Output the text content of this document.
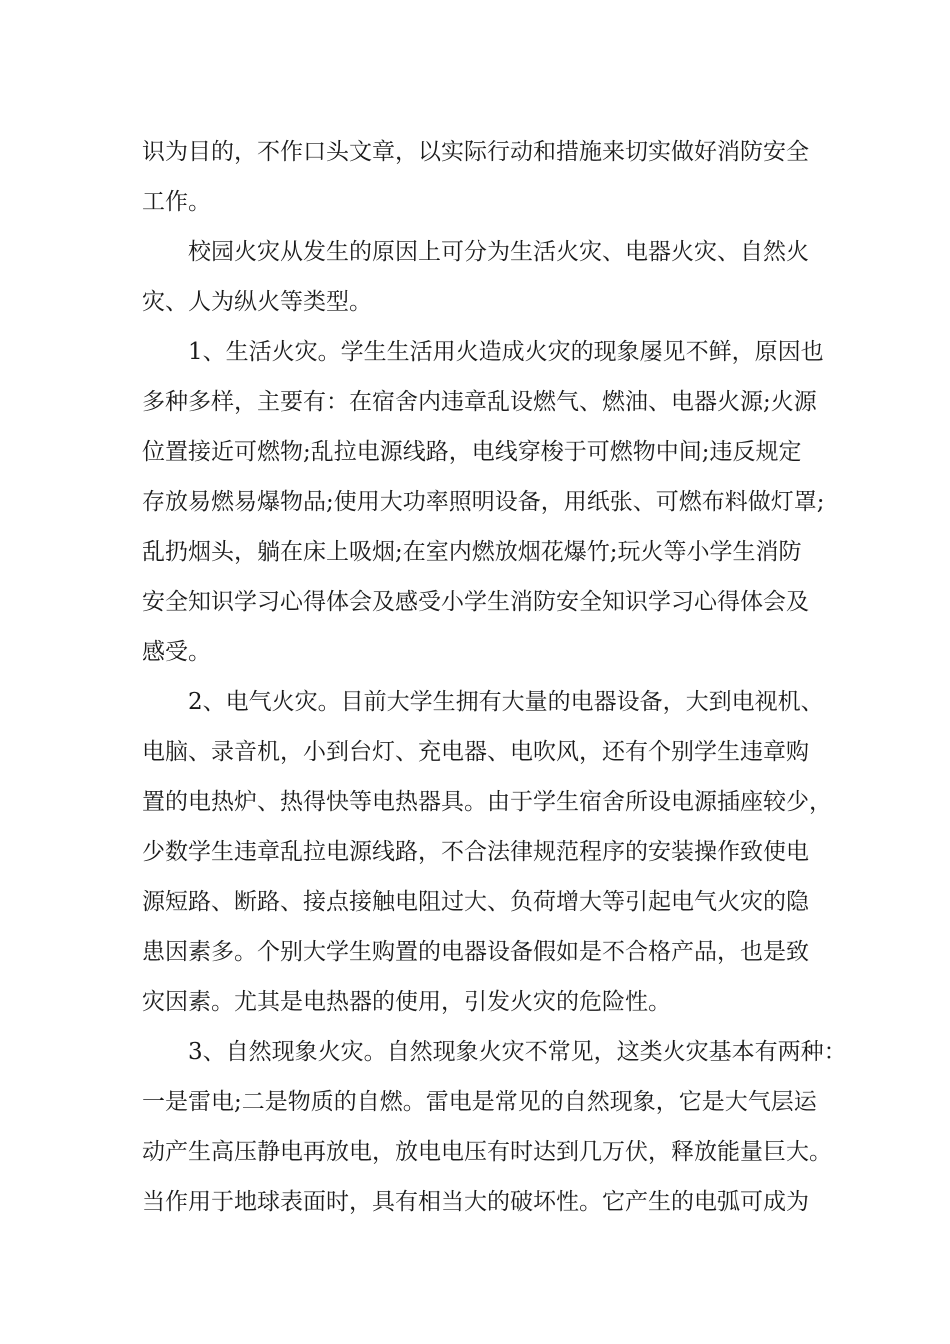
识为目的，不作口头文章，以实际行动和措施来切实做好消防安全
工作。
校园火灾从发生的原因上可分为生活火灾、电器火灾、自然火
灾、人为纵火等类型。
1、生活火灾。学生生活用火造成火灾的现象屡见不鲜，原因也
多种多样，主要有：在宿舍内违章乱设燃气、燃油、电器火源;火源
位置接近可燃物;乱拉电源线路，电线穿梭于可燃物中间;违反规定
存放易燃易爆物品;使用大功率照明设备，用纸张、可燃布料做灯罩;
乱扔烟头，躺在床上吸烟;在室内燃放烟花爆竹;玩火等小学生消防
安全知识学习心得体会及感受小学生消防安全知识学习心得体会及
感受。
2、电气火灾。目前大学生拥有大量的电器设备，大到电视机、
电脑、录音机，小到台灯、充电器、电吹风，还有个别学生违章购
置的电热炉、热得快等电热器具。由于学生宿舍所设电源插座较少，
少数学生违章乱拉电源线路，不合法律规范程序的安装操作致使电
源短路、断路、接点接触电阻过大、负荷增大等引起电气火灾的隐
患因素多。个别大学生购置的电器设备假如是不合格产品，也是致
灾因素。尤其是电热器的使用，引发火灾的危险性。
3、自然现象火灾。自然现象火灾不常见，这类火灾基本有两种：
一是雷电;二是物质的自燃。雷电是常见的自然现象，它是大气层运
动产生高压静电再放电，放电电压有时达到几万伏，释放能量巨大。
当作用于地球表面时，具有相当大的破坏性。它产生的电弧可成为
